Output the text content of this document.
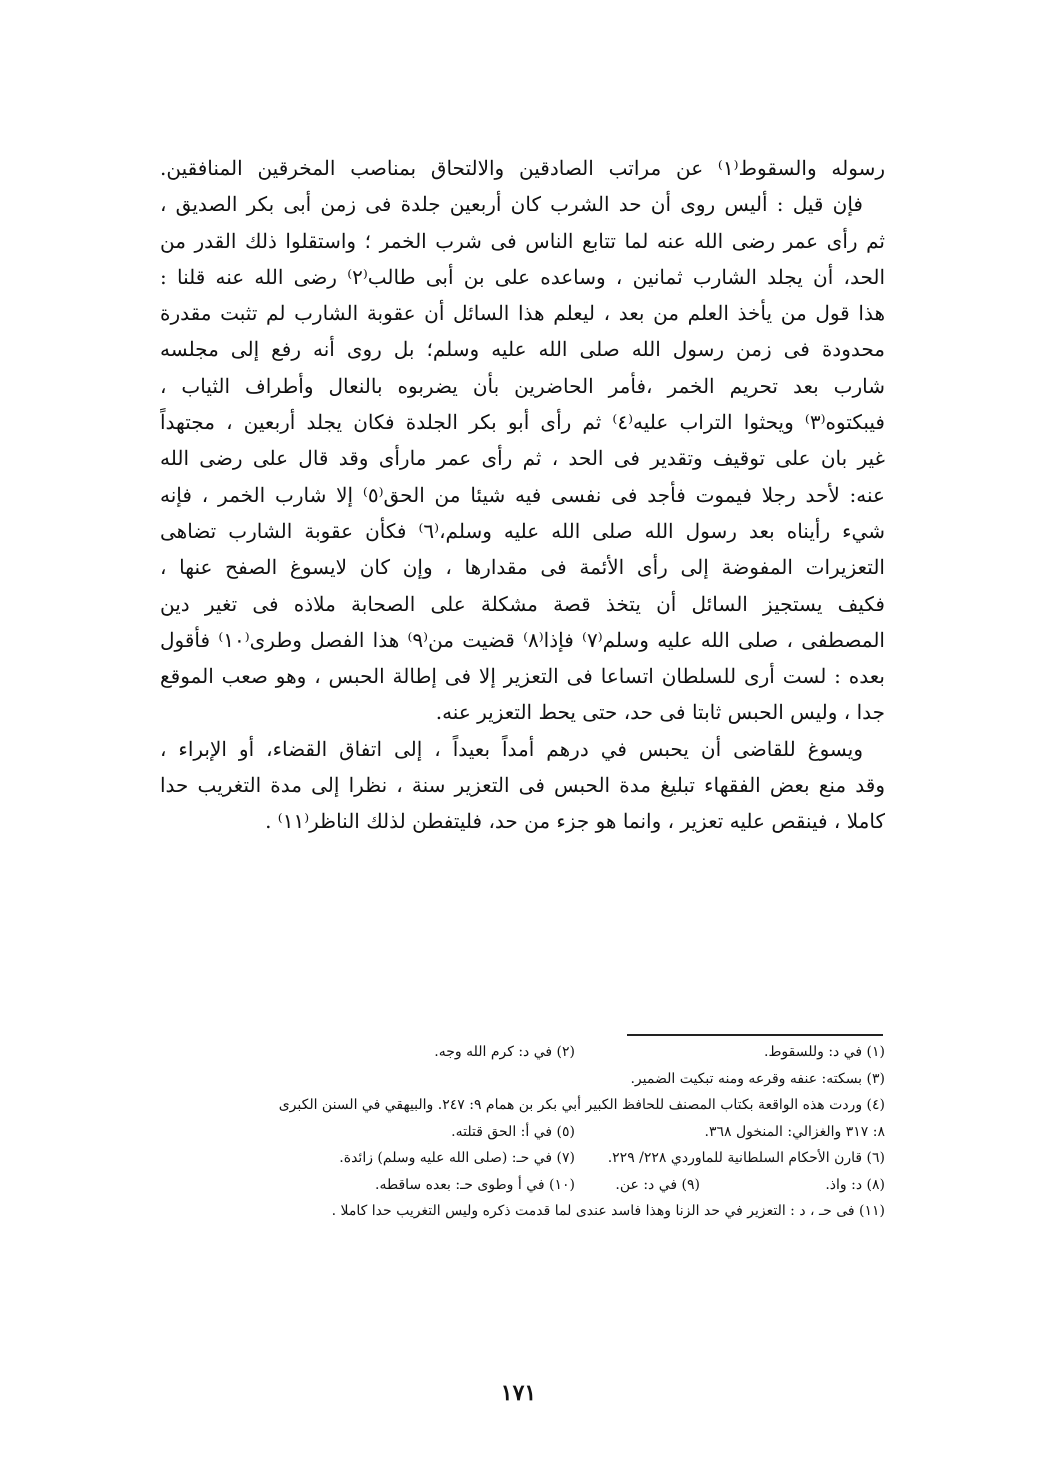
رسوله والسقوط⁽١⁾ عن مراتب الصادقين والالتحاق بمناصب المخرقين المنافقين.
فإن قيل : أليس روى أن حد الشرب كان أربعين جلدة فى زمن أبى بكر الصديق ،
ثم رأى عمر رضى الله عنه لما تتابع الناس فى شرب الخمر ؛ واستقلوا ذلك القدر من
الحد، أن يجلد الشارب ثمانين ، وساعده على بن أبى طالب⁽٢⁾ رضى الله عنه قلنا :
هذا قول من يأخذ العلم من بعد ، ليعلم هذا السائل أن عقوبة الشارب لم تثبت مقدرة
محدودة فى زمن رسول الله صلى الله عليه وسلم؛ بل روى أنه رفع إلى مجلسه
شارب بعد تحريم الخمر ،فأمر الحاضرين بأن يضربوه بالنعال وأطراف الثياب ،
فيبكتوه⁽٣⁾ ويحثوا التراب عليه⁽٤⁾ ثم رأى أبو بكر الجلدة فكان يجلد أربعين ، مجتهداً
غير بان على توقيف وتقدير فى الحد ، ثم رأى عمر مارأى وقد قال على رضى الله
عنه: لأحد رجلا فيموت فأجد فى نفسى فيه شيئا من الحق⁽٥⁾ إلا شارب الخمر ، فإنه
شيء رأيناه بعد رسول الله صلى الله عليه وسلم،⁽٦⁾ فكأن عقوبة الشارب تضاهى
التعزيرات المفوضة إلى رأى الأئمة فى مقدارها ، وإن كان لايسوغ الصفح عنها ،
فكيف يستجيز السائل أن يتخذ قصة مشكلة على الصحابة ملاذه فى تغير دين
المصطفى ، صلى الله عليه وسلم⁽٧⁾ فإذا⁽٨⁾ قضيت من⁽٩⁾ هذا الفصل وطرى⁽١٠⁾ فأقول
بعده : لست أرى للسلطان اتساعا فى التعزير إلا فى إطالة الحبس ، وهو صعب الموقع
جدا ، وليس الحبس ثابتا فى حد، حتى يحط التعزير عنه.
ويسوغ للقاضى أن يحبس في درهم أمداً بعيداً ، إلى اتفاق القضاء، أو الإبراء ،
وقد منع بعض الفقهاء تبليغ مدة الحبس فى التعزير سنة ، نظرا إلى مدة التغريب حدا
كاملا ، فينقص عليه تعزير ، وانما هو جزء من حد، فليتفطن لذلك الناظر⁽١١⁾ .
(١) في د: وللسقوط.(٢) في د: كرم الله وجه.
(٣) بسكته: عنفه وقرعه ومنه تبكيت الضمير.
(٤) وردت هذه الواقعة بكتاب المصنف للحافظ الكبير أبي بكر بن همام ٩: ٢٤٧. والبيهقي في السنن الكبرى
٨: ٣١٧ والغزالي: المنخول ٣٦٨.(٥) في أ: الحق قتلته.
(٦) قارن الأحكام السلطانية للماوردي ٢٢٨/ ٢٢٩.(٧) في حـ: (صلى الله عليه وسلم) زائدة.
(٨) د: واذ.(٩) في د: عن.(١٠) في أ وطوى حـ: بعده ساقطه.
(١١) فى حـ ، د : التعزير في حد الزنا وهذا فاسد عندى لما قدمت ذكره وليس التغريب حدا كاملا .
١٧١
